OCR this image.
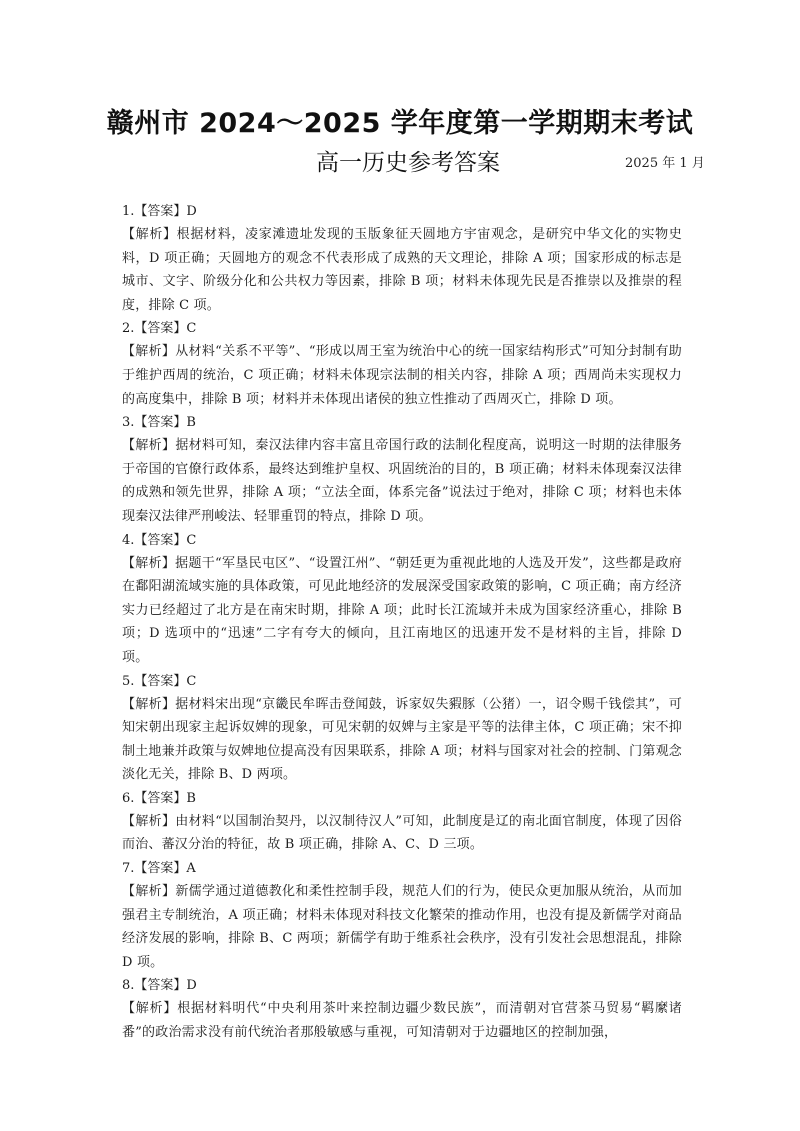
赣州市 2024～2025 学年度第一学期期末考试
高一历史参考答案	2025 年 1 月
1.【答案】D
【解析】根据材料，凌家滩遗址发现的玉版象征天圆地方宇宙观念，是研究中华文化的实物史料，D 项正确；天圆地方的观念不代表形成了成熟的天文理论，排除 A 项；国家形成的标志是城市、文字、阶级分化和公共权力等因素，排除 B 项；材料未体现先民是否推崇以及推崇的程度，排除 C 项。
2.【答案】C
【解析】从材料“关系不平等”、“形成以周王室为统治中心的统一国家结构形式”可知分封制有助于维护西周的统治，C 项正确；材料未体现宗法制的相关内容，排除 A 项；西周尚未实现权力的高度集中，排除 B 项；材料并未体现出诸侯的独立性推动了西周灭亡，排除 D 项。
3.【答案】B
【解析】据材料可知，秦汉法律内容丰富且帝国行政的法制化程度高，说明这一时期的法律服务于帝国的官僚行政体系，最终达到维护皇权、巩固统治的目的，B 项正确；材料未体现秦汉法律的成熟和领先世界，排除 A 项；“立法全面，体系完备”说法过于绝对，排除 C 项；材料也未体现秦汉法律严刑峻法、轻罪重罚的特点，排除 D 项。
4.【答案】C
【解析】据题干“军垦民屯区”、“设置江州”、“朝廷更为重视此地的人选及开发”，这些都是政府在鄱阳湖流域实施的具体政策，可见此地经济的发展深受国家政策的影响，C 项正确；南方经济实力已经超过了北方是在南宋时期，排除 A 项；此时长江流域并未成为国家经济重心，排除 B 项；D 选项中的“迅速”二字有夸大的倾向，且江南地区的迅速开发不是材料的主旨，排除 D 项。
5.【答案】C
【解析】据材料宋出现“京畿民牟晖击登闻鼓，诉家奴失豭豚（公猪）一，诏令赐千钱偿其”，可知宋朝出现家主起诉奴婢的现象，可见宋朝的奴婢与主家是平等的法律主体，C 项正确；宋不抑制土地兼并政策与奴婢地位提高没有因果联系，排除 A 项；材料与国家对社会的控制、门第观念淡化无关，排除 B、D 两项。
6.【答案】B
【解析】由材料“以国制治契丹，以汉制待汉人”可知，此制度是辽的南北面官制度，体现了因俗而治、蕃汉分治的特征，故 B 项正确，排除 A、C、D 三项。
7.【答案】A
【解析】新儒学通过道德教化和柔性控制手段，规范人们的行为，使民众更加服从统治，从而加强君主专制统治，A 项正确；材料未体现对科技文化繁荣的推动作用，也没有提及新儒学对商品经济发展的影响，排除 B、C 两项；新儒学有助于维系社会秩序，没有引发社会思想混乱，排除 D 项。
8.【答案】D
【解析】根据材料明代“中央利用茶叶来控制边疆少数民族”，而清朝对官营茶马贸易“羁縻诸番”的政治需求没有前代统治者那般敏感与重视，可知清朝对于边疆地区的控制加强，
